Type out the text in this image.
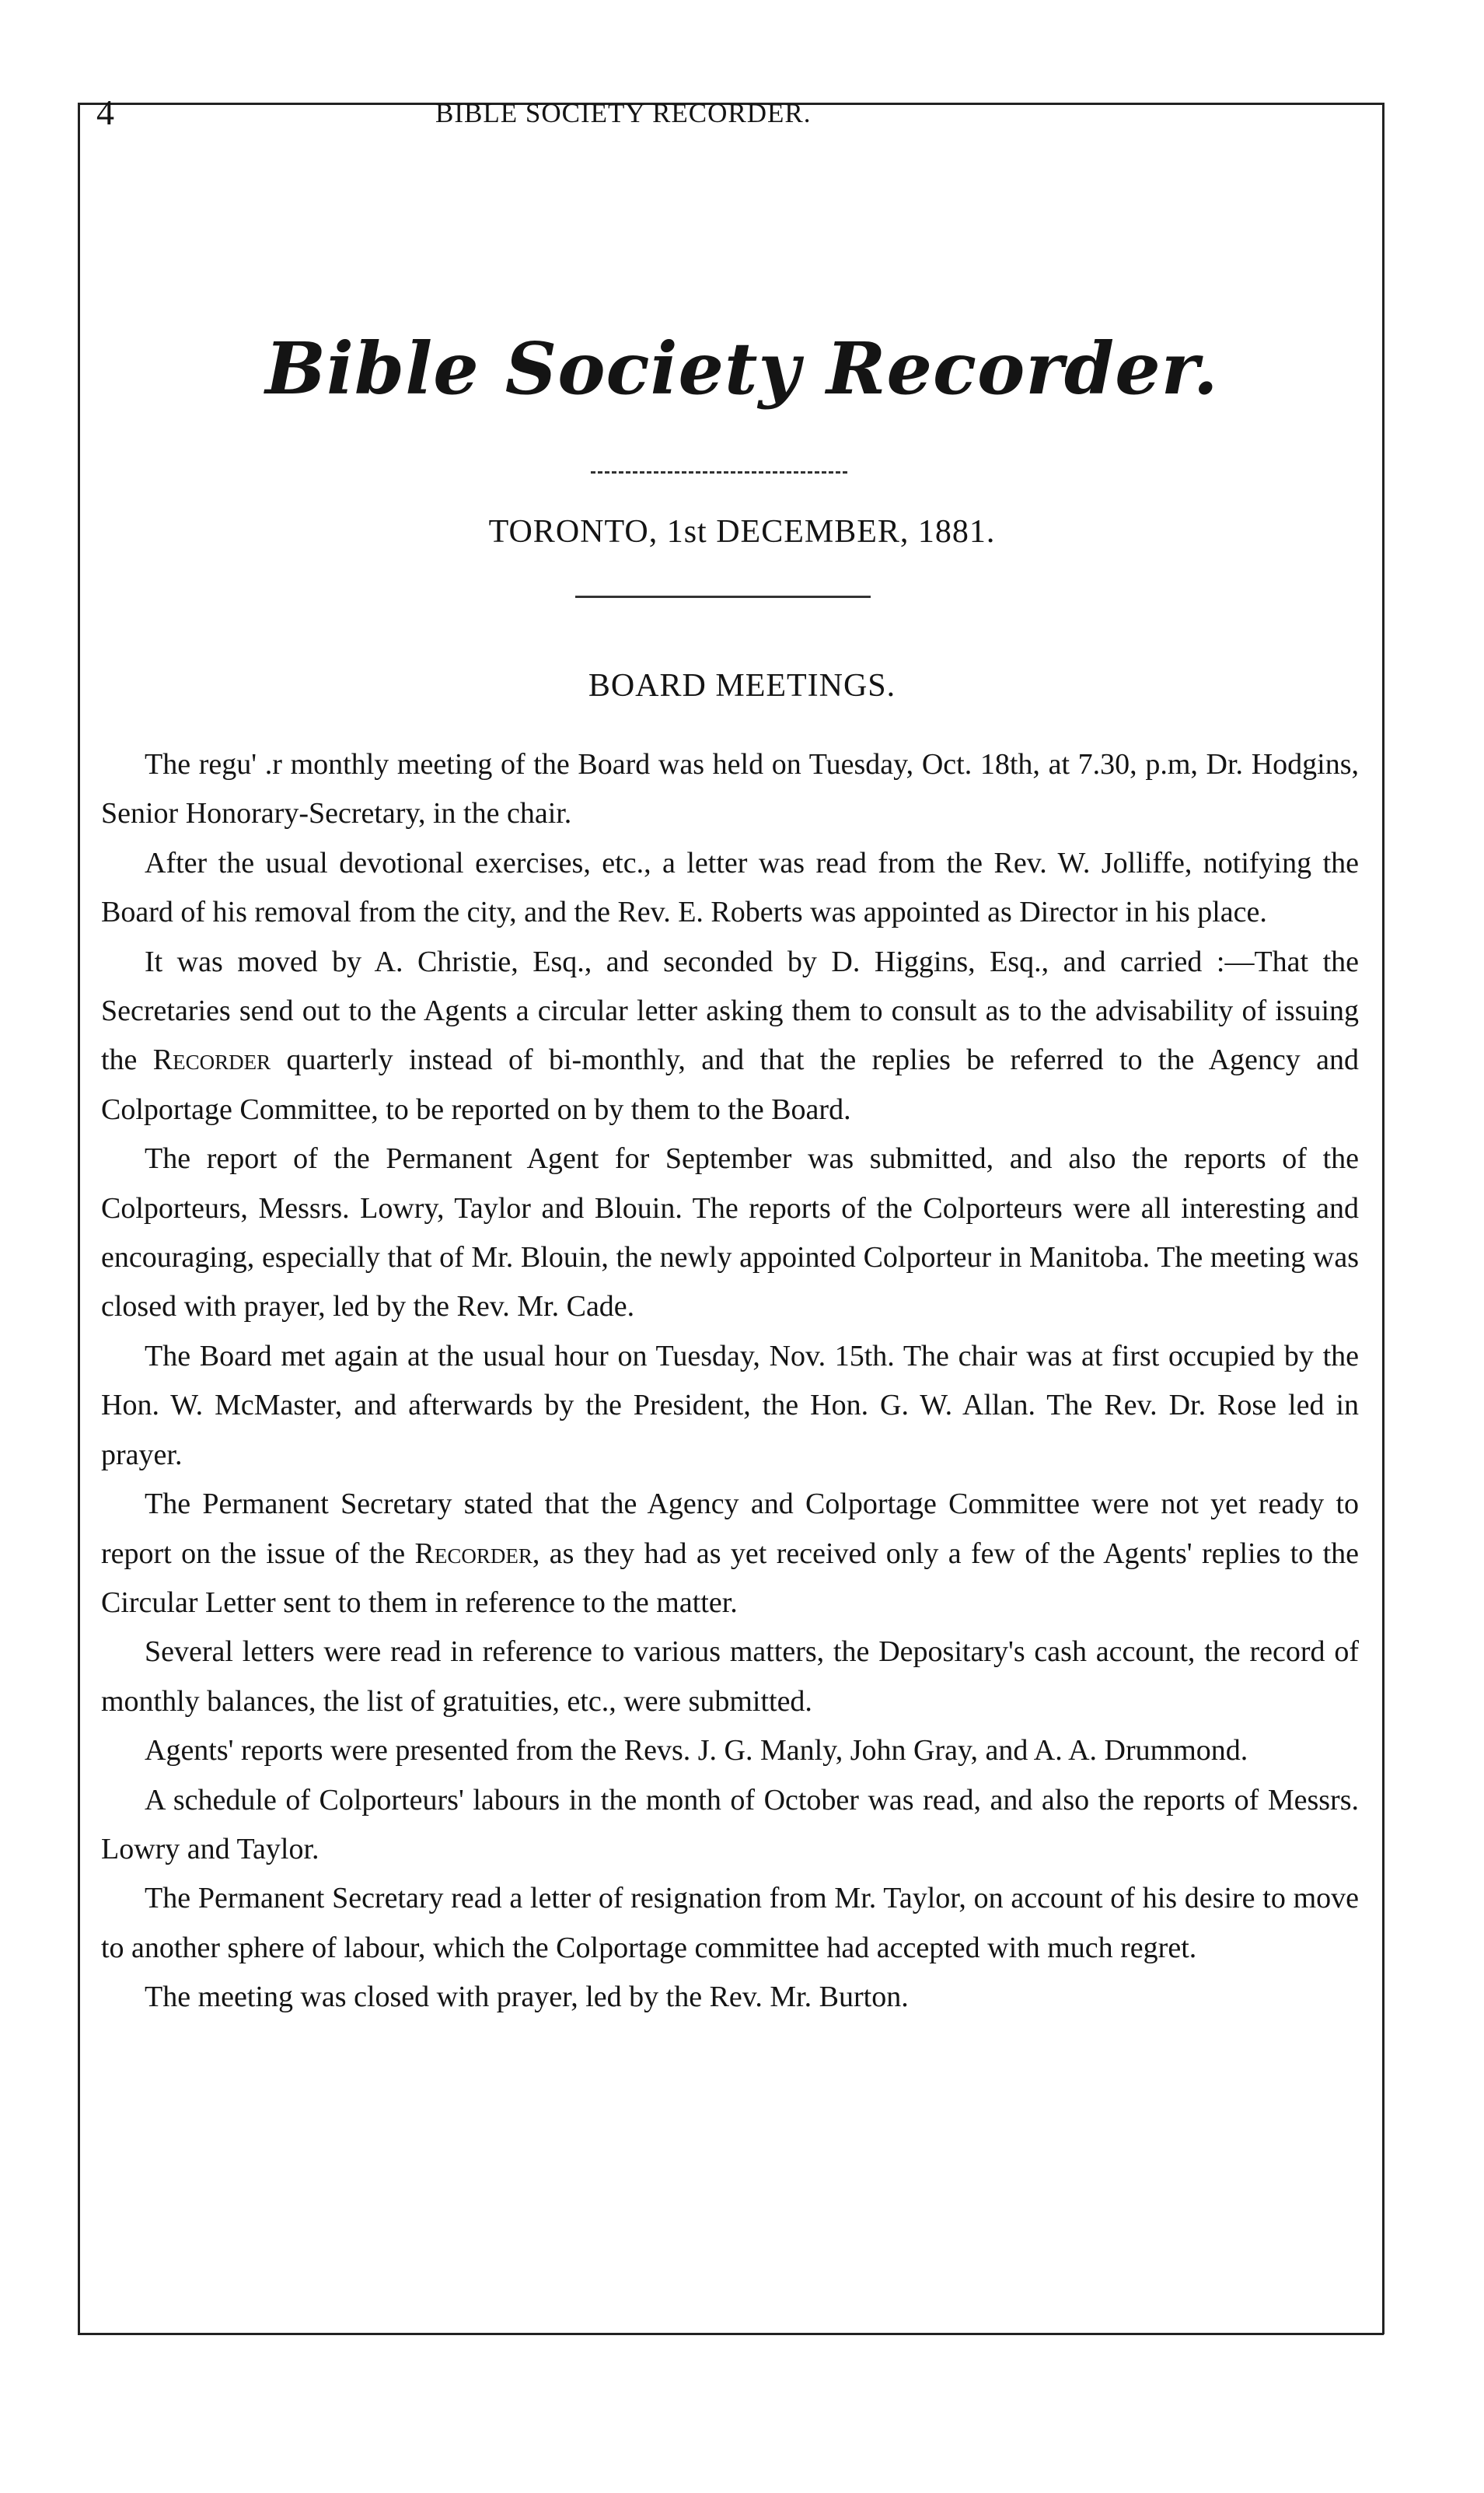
4	BIBLE SOCIETY RECORDER.
Bible Society Recorder.
TORONTO, 1st DECEMBER, 1881.
BOARD MEETINGS.

The regu' .r monthly meeting of the Board was held on Tuesday, Oct. 18th, at 7.30, p.m, Dr. Hodgins, Senior Honorary-Secretary, in the chair.

After the usual devotional exercises, etc., a letter was read from the Rev. W. Jolliffe, notifying the Board of his removal from the city, and the Rev. E. Roberts was appointed as Director in his place.

It was moved by A. Christie, Esq., and seconded by D. Higgins, Esq., and carried :—That the Secretaries send out to the Agents a circular letter asking them to consult as to the advisability of issuing the Recorder quarterly instead of bi-monthly, and that the replies be referred to the Agency and Colportage Committee, to be reported on by them to the Board.

The report of the Permanent Agent for September was submitted, and also the reports of the Colporteurs, Messrs. Lowry, Taylor and Blouin. The reports of the Colporteurs were all interesting and encouraging, especially that of Mr. Blouin, the newly appointed Colporteur in Manitoba. The meeting was closed with prayer, led by the Rev. Mr. Cade.

The Board met again at the usual hour on Tuesday, Nov. 15th. The chair was at first occupied by the Hon. W. McMaster, and afterwards by the President, the Hon. G. W. Allan. The Rev. Dr. Rose led in prayer.

The Permanent Secretary stated that the Agency and Colportage Committee were not yet ready to report on the issue of the Recorder, as they had as yet received only a few of the Agents' replies to the Circular Letter sent to them in reference to the matter.

Several letters were read in reference to various matters, the Depositary's cash account, the record of monthly balances, the list of gratuities, etc., were submitted.

Agents' reports were presented from the Revs. J. G. Manly, John Gray, and A. A. Drummond.

A schedule of Colporteurs' labours in the month of October was read, and also the reports of Messrs. Lowry and Taylor.

The Permanent Secretary read a letter of resignation from Mr. Taylor, on account of his desire to move to another sphere of labour, which the Colportage committee had accepted with much regret.

The meeting was closed with prayer, led by the Rev. Mr. Burton.
